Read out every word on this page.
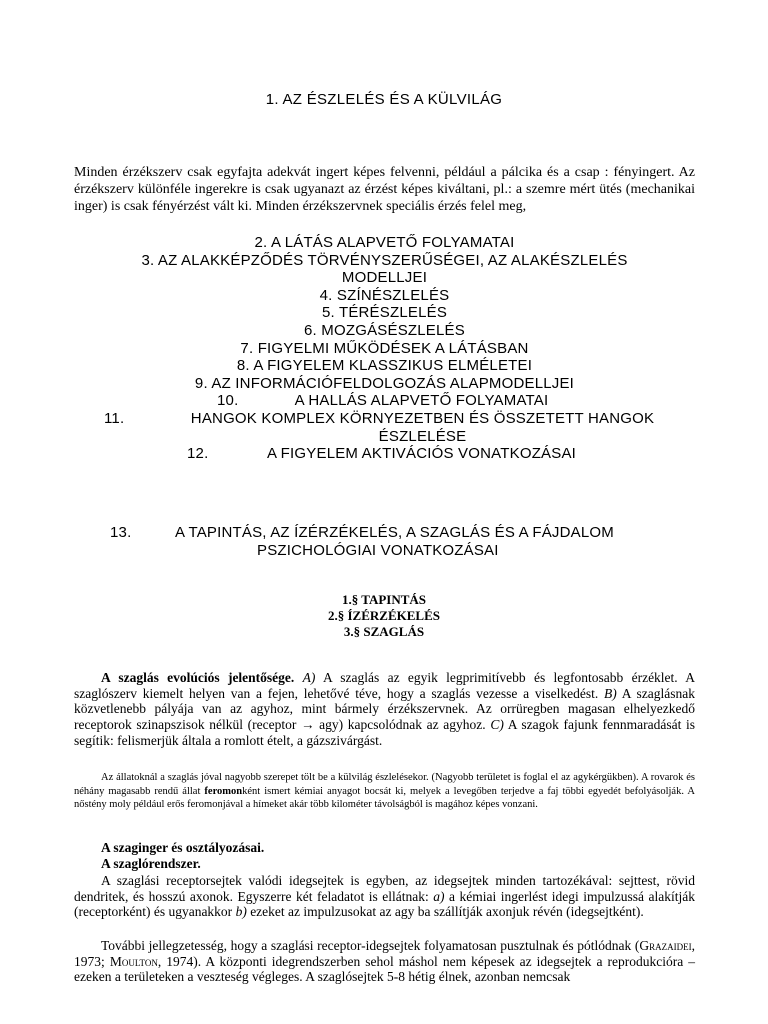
1. AZ ÉSZLELÉS ÉS A KÜLVILÁG

Minden érzékszerv csak egyfajta adekvát ingert képes felvenni, például a pálcika és a csap : fényingert. Az érzékszerv különféle ingerekre is csak ugyanazt az érzést képes kiváltani, pl.: a szemre mért ütés (mechanikai inger) is csak fényérzést vált ki. Minden érzékszervnek speciális érzés felel meg,

2. A LÁTÁS ALAPVETŐ FOLYAMATAI
3. AZ ALAKKÉPZŐDÉS TÖRVÉNYSZERŰSÉGEI, AZ ALAKÉSZLELÉS
MODELLJEI
4. SZÍNÉSZLELÉS
5. TÉRÉSZLELÉS
6. MOZGÁSÉSZLELÉS
7. FIGYELMI MŰKÖDÉSEK A LÁTÁSBAN
8. A FIGYELEM KLASSZIKUS ELMÉLETEI
9. AZ INFORMÁCIÓFELDOLGOZÁS ALAPMODELLJEI
10.	A HALLÁS ALAPVETŐ FOLYAMATAI
11.	HANGOK KOMPLEX KÖRNYEZETBEN ÉS ÖSSZETETT HANGOK
ÉSZLELÉSE
12.	A FIGYELEM AKTIVÁCIÓS VONATKOZÁSAI
13.	A TAPINTÁS, AZ ÍZÉRZÉKELÉS, A SZAGLÁS ÉS A FÁJDALOM
PSZICHOLÓGIAI VONATKOZÁSAI
1.§ TAPINTÁS
2.§ ÍZÉRZÉKELÉS
3.§ SZAGLÁS

A szaglás evolúciós jelentősége. A) A szaglás az egyik legprimitívebb és legfontosabb érzéklet. A szaglószerv kiemelt helyen van a fejen, lehetővé téve, hogy a szaglás vezesse a viselkedést. B) A szaglásnak közvetlenebb pályája van az agyhoz, mint bármely érzékszervnek. Az orrüregben magasan elhelyezkedő receptorok szinapszisok nélkül (receptor → agy) kapcsolódnak az agyhoz. C) A szagok fajunk fennmaradását is segítik: felismerjük általa a romlott ételt, a gázszivárgást.

Az állatoknál a szaglás jóval nagyobb szerepet tölt be a külvilág észlelésekor. (Nagyobb területet is foglal el az agykérgükben). A rovarok és néhány magasabb rendű állat feromonként ismert kémiai anyagot bocsát ki, melyek a levegőben terjedve a faj többi egyedét befolyásolják. A nőstény moly például erős feromonjával a hímeket akár több kilométer távolságból is magához képes vonzani.

A szaginger és osztályozásai.
A szaglórendszer.

A szaglási receptorsejtek valódi idegsejtek is egyben, az idegsejtek minden tartozékával: sejttest, rövid dendritek, és hosszú axonok. Egyszerre két feladatot is ellátnak: a) a kémiai ingerlést idegi impulzussá alakítják (receptorként) és ugyanakkor b) ezeket az impulzusokat az agy ba szállítják axonjuk révén (idegsejtként).

További jellegzetesség, hogy a szaglási receptor-idegsejtek folyamatosan pusztulnak és pótlódnak (Grazaidei, 1973; Moulton, 1974). A központi idegrendszerben sehol máshol nem képesek az idegsejtek a reprodukcióra – ezeken a területeken a veszteség végleges. A szaglósejtek 5-8 hétig élnek, azonban nemcsak
